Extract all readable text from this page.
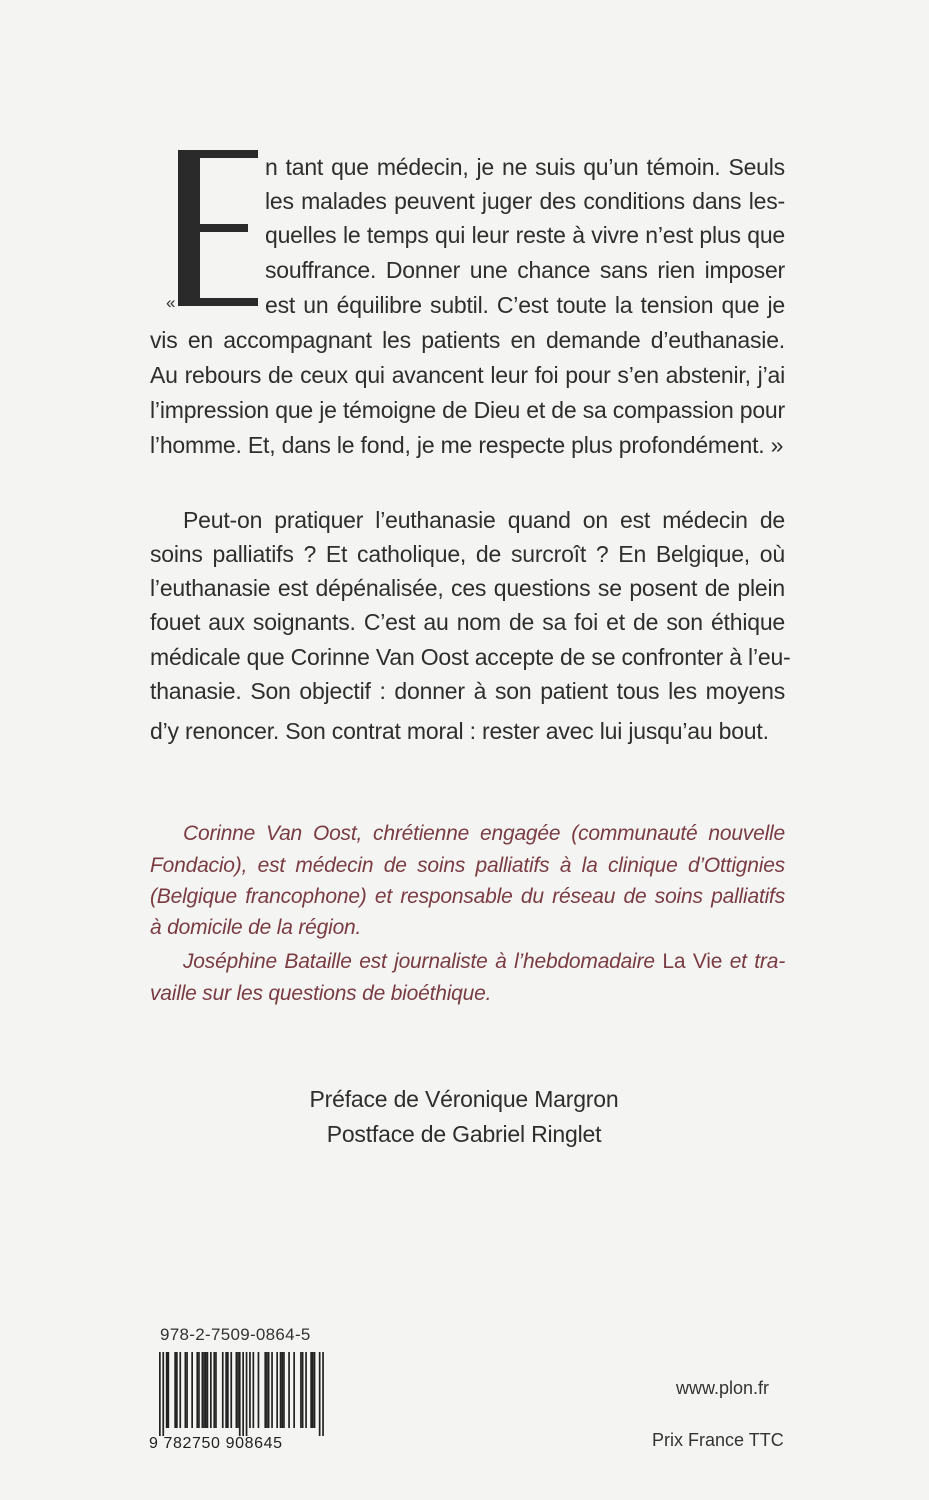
«
n tant que médecin, je ne suis qu’un témoin. Seuls
les malades peuvent juger des conditions dans les-
quelles le temps qui leur reste à vivre n’est plus que
souffrance. Donner une chance sans rien imposer
est un équilibre subtil. C’est toute la tension que je
vis en accompagnant les patients en demande d’euthanasie.
Au rebours de ceux qui avancent leur foi pour s’en abstenir, j’ai
l’impression que je témoigne de Dieu et de sa compassion pour
l’homme. Et, dans le fond, je me respecte plus profondément. »
Peut-on pratiquer l’euthanasie quand on est médecin de
soins palliatifs ? Et catholique, de surcroît ? En Belgique, où
l’euthanasie est dépénalisée, ces questions se posent de plein
fouet aux soignants. C’est au nom de sa foi et de son éthique
médicale que Corinne Van Oost accepte de se confronter à l’eu-
thanasie. Son objectif : donner à son patient tous les moyens
d’y renoncer. Son contrat moral : rester avec lui jusqu’au bout.
Corinne Van Oost, chrétienne engagée (communauté nouvelle
Fondacio), est médecin de soins palliatifs à la clinique d’Ottignies
(Belgique francophone) et responsable du réseau de soins palliatifs
à domicile de la région.
Joséphine Bataille est journaliste à l’hebdomadaire La Vie et tra-
vaille sur les questions de bioéthique.
Préface de Véronique Margron
Postface de Gabriel Ringlet
978-2-7509-0864-5
9 782750 908645
www.plon.fr
Prix France TTC
